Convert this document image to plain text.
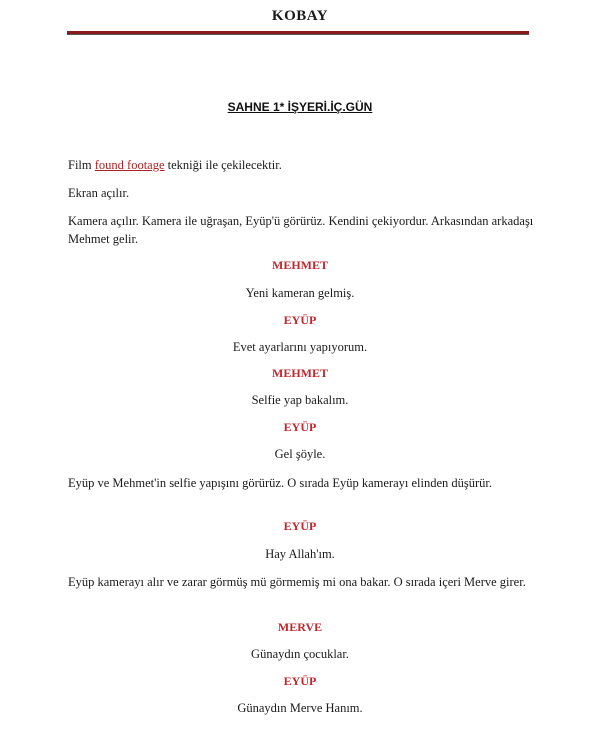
KOBAY
SAHNE 1* İŞYERİ.İÇ.GÜN
Film found footage tekniği ile çekilecektir.
Ekran açılır.
Kamera açılır. Kamera ile uğraşan, Eyüp'ü görürüz. Kendini çekiyordur. Arkasından arkadaşı Mehmet gelir.
MEHMET
Yeni kameran gelmiş.
EYÜP
Evet ayarlarını yapıyorum.
MEHMET
Selfie yap bakalım.
EYÜP
Gel şöyle.
Eyüp ve Mehmet'in selfie yapışını görürüz. O sırada Eyüp kamerayı elinden düşürür.
EYÜP
Hay Allah'ım.
Eyüp kamerayı alır ve zarar görmüş mü görmemiş mi ona bakar. O sırada içeri Merve girer.
MERVE
Günaydın çocuklar.
EYÜP
Günaydın Merve Hanım.
